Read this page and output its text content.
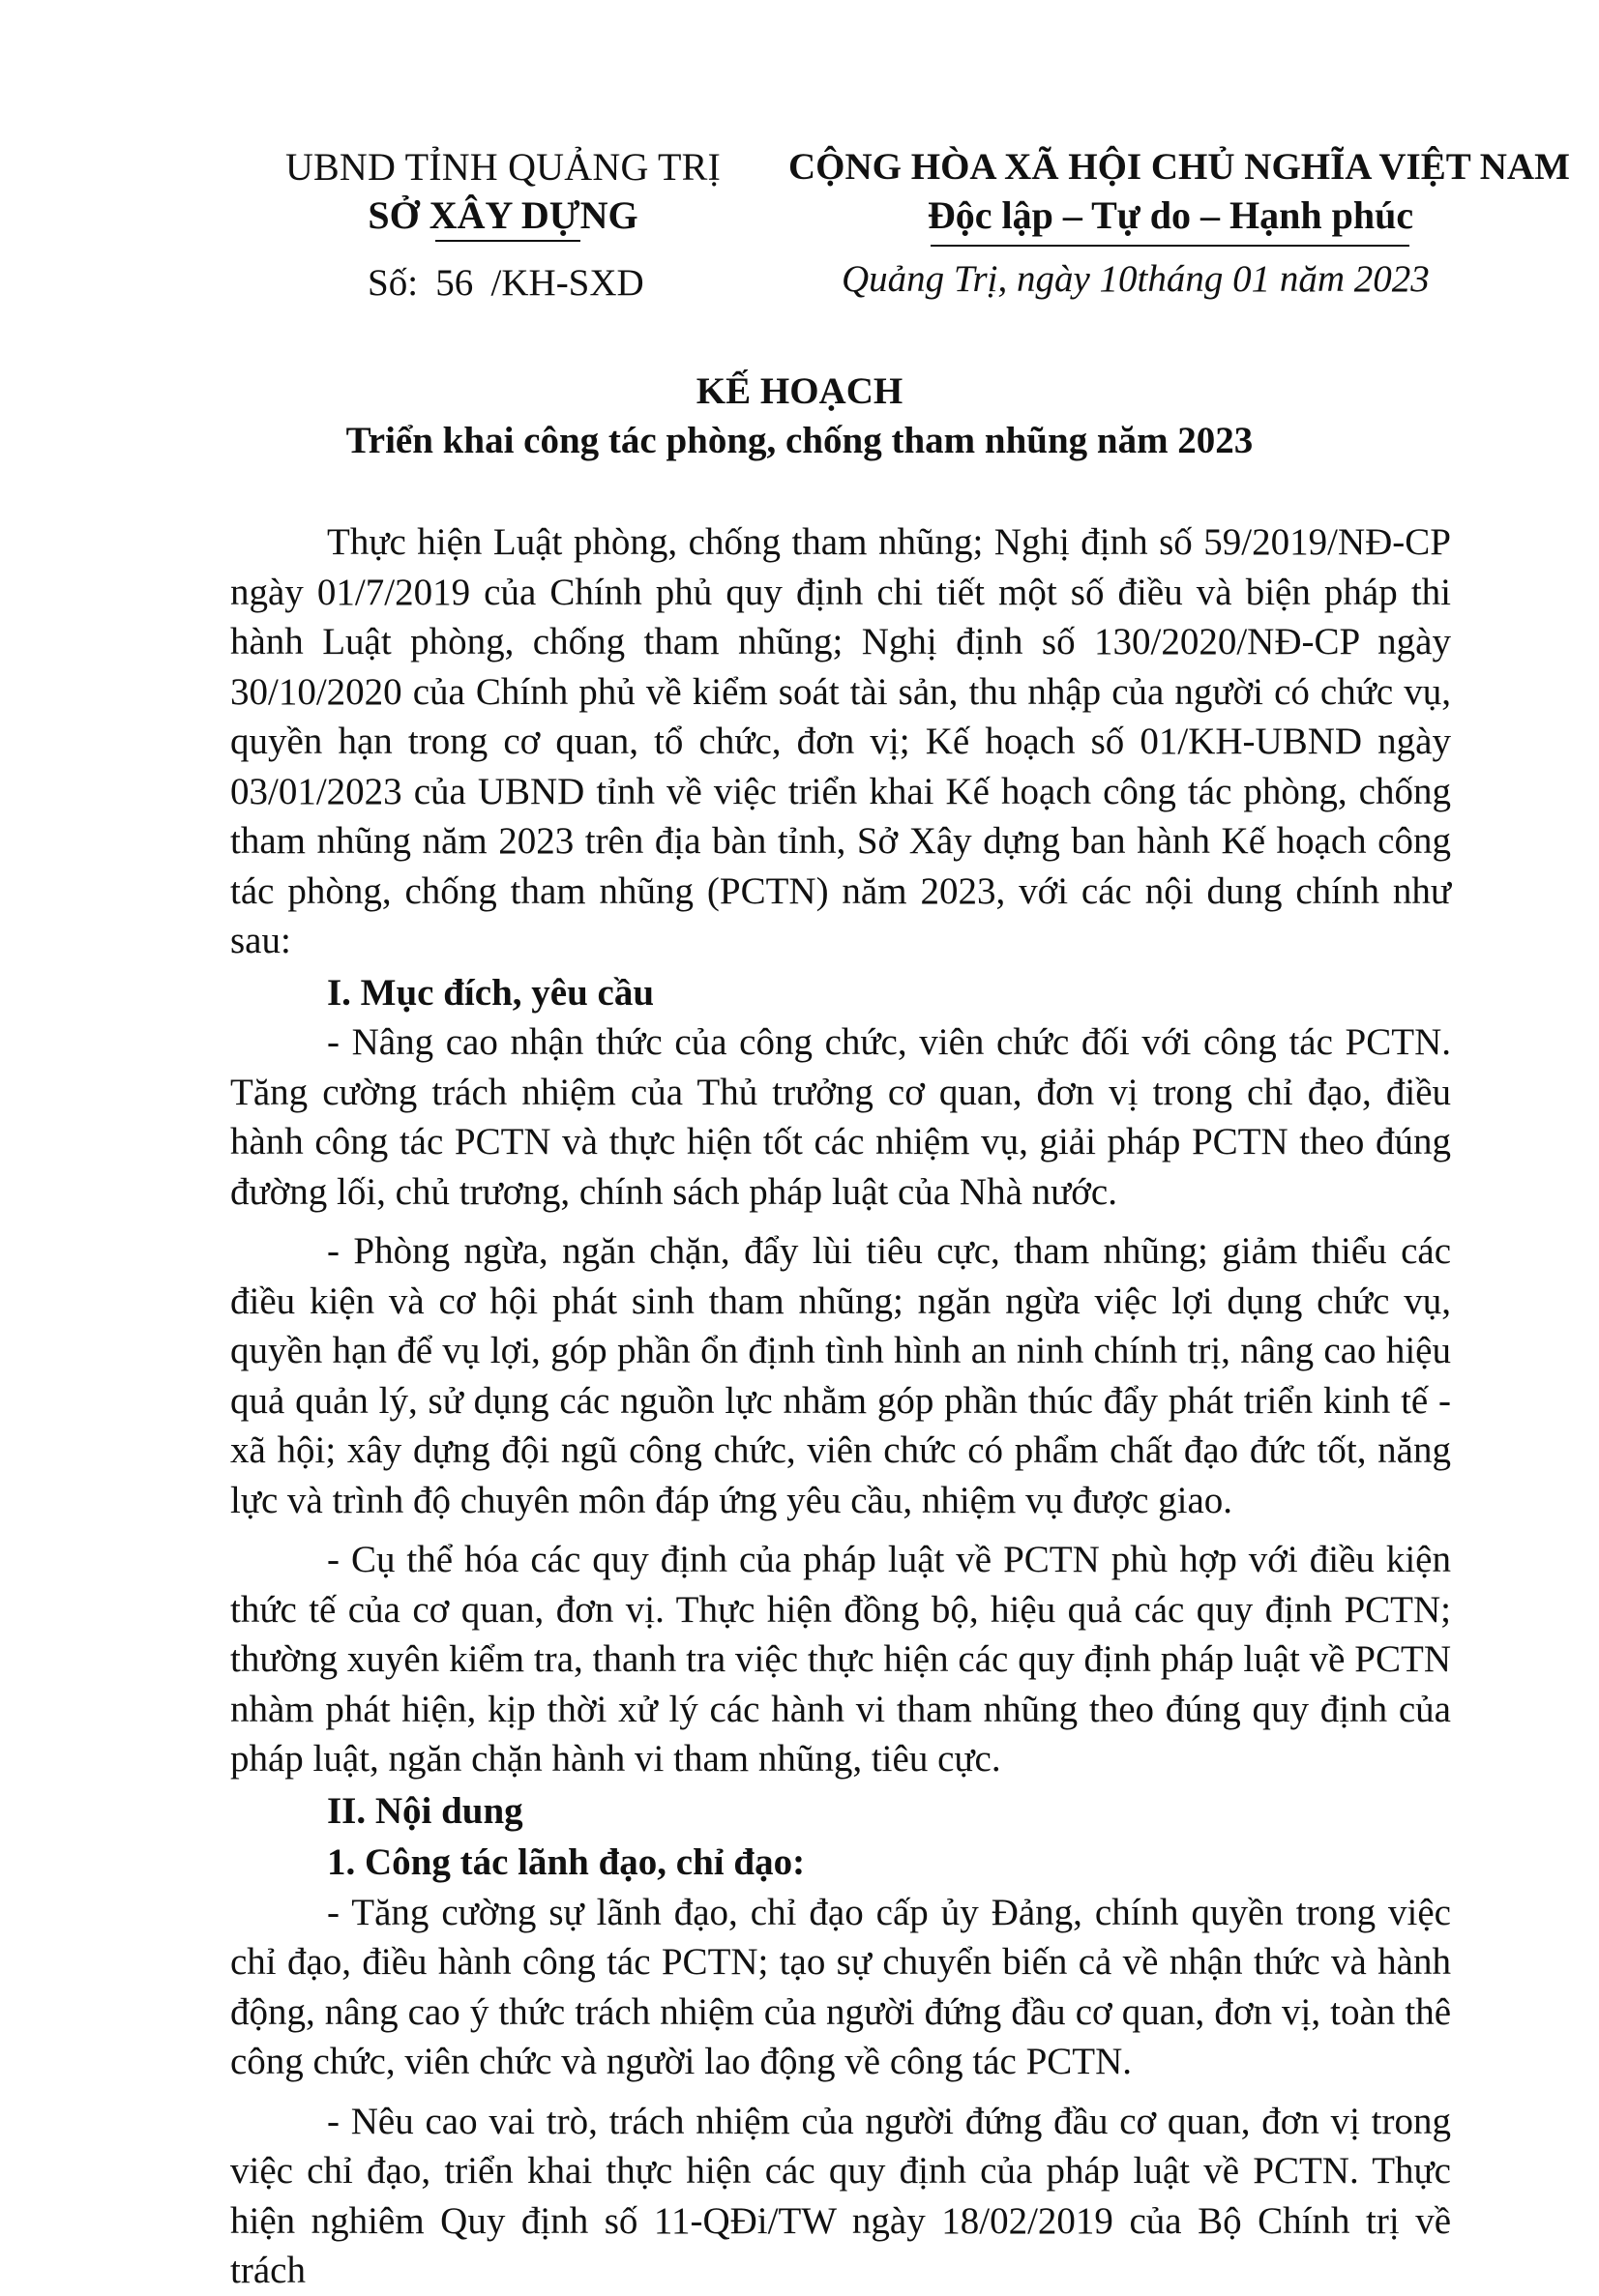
UBND TỈNH QUẢNG TRỊ
SỞ XÂY DỰNG
Số: 56 /KH-SXD
CỘNG HÒA XÃ HỘI CHỦ NGHĨA VIỆT NAM
Độc lập – Tự do – Hạnh phúc
Quảng Trị, ngày 10tháng 01 năm 2023
KẾ HOẠCH
Triển khai công tác phòng, chống tham nhũng năm 2023

Thực hiện Luật phòng, chống tham nhũng; Nghị định số 59/2019/NĐ-CP ngày 01/7/2019 của Chính phủ quy định chi tiết một số điều và biện pháp thi hành Luật phòng, chống tham nhũng; Nghị định số 130/2020/NĐ-CP ngày 30/10/2020 của Chính phủ về kiểm soát tài sản, thu nhập của người có chức vụ, quyền hạn trong cơ quan, tổ chức, đơn vị; Kế hoạch số 01/KH-UBND ngày 03/01/2023 của UBND tỉnh về việc triển khai Kế hoạch công tác phòng, chống tham nhũng năm 2023 trên địa bàn tỉnh, Sở Xây dựng ban hành Kế hoạch công tác phòng, chống tham nhũng (PCTN) năm 2023, với các nội dung chính như sau:

I. Mục đích, yêu cầu

- Nâng cao nhận thức của công chức, viên chức đối với công tác PCTN. Tăng cường trách nhiệm của Thủ trưởng cơ quan, đơn vị trong chỉ đạo, điều hành công tác PCTN và thực hiện tốt các nhiệm vụ, giải pháp PCTN theo đúng đường lối, chủ trương, chính sách pháp luật của Nhà nước.

- Phòng ngừa, ngăn chặn, đẩy lùi tiêu cực, tham nhũng; giảm thiểu các điều kiện và cơ hội phát sinh tham nhũng; ngăn ngừa việc lợi dụng chức vụ, quyền hạn để vụ lợi, góp phần ổn định tình hình an ninh chính trị, nâng cao hiệu quả quản lý, sử dụng các nguồn lực nhằm góp phần thúc đẩy phát triển kinh tế - xã hội; xây dựng đội ngũ công chức, viên chức có phẩm chất đạo đức tốt, năng lực và trình độ chuyên môn đáp ứng yêu cầu, nhiệm vụ được giao.

- Cụ thể hóa các quy định của pháp luật về PCTN phù hợp với điều kiện thức tế của cơ quan, đơn vị. Thực hiện đồng bộ, hiệu quả các quy định PCTN; thường xuyên kiểm tra, thanh tra việc thực hiện các quy định pháp luật về PCTN nhàm phát hiện, kịp thời xử lý các hành vi tham nhũng theo đúng quy định của pháp luật, ngăn chặn hành vi tham nhũng, tiêu cực.

II. Nội dung
1. Công tác lãnh đạo, chỉ đạo:

- Tăng cường sự lãnh đạo, chỉ đạo cấp ủy Đảng, chính quyền trong việc chỉ đạo, điều hành công tác PCTN; tạo sự chuyển biến cả về nhận thức và hành động, nâng cao ý thức trách nhiệm của người đứng đầu cơ quan, đơn vị, toàn thê công chức, viên chức và người lao động về công tác PCTN.

- Nêu cao vai trò, trách nhiệm của người đứng đầu cơ quan, đơn vị trong việc chỉ đạo, triển khai thực hiện các quy định của pháp luật về PCTN. Thực hiện nghiêm Quy định số 11-QĐi/TW ngày 18/02/2019 của Bộ Chính trị về trách
